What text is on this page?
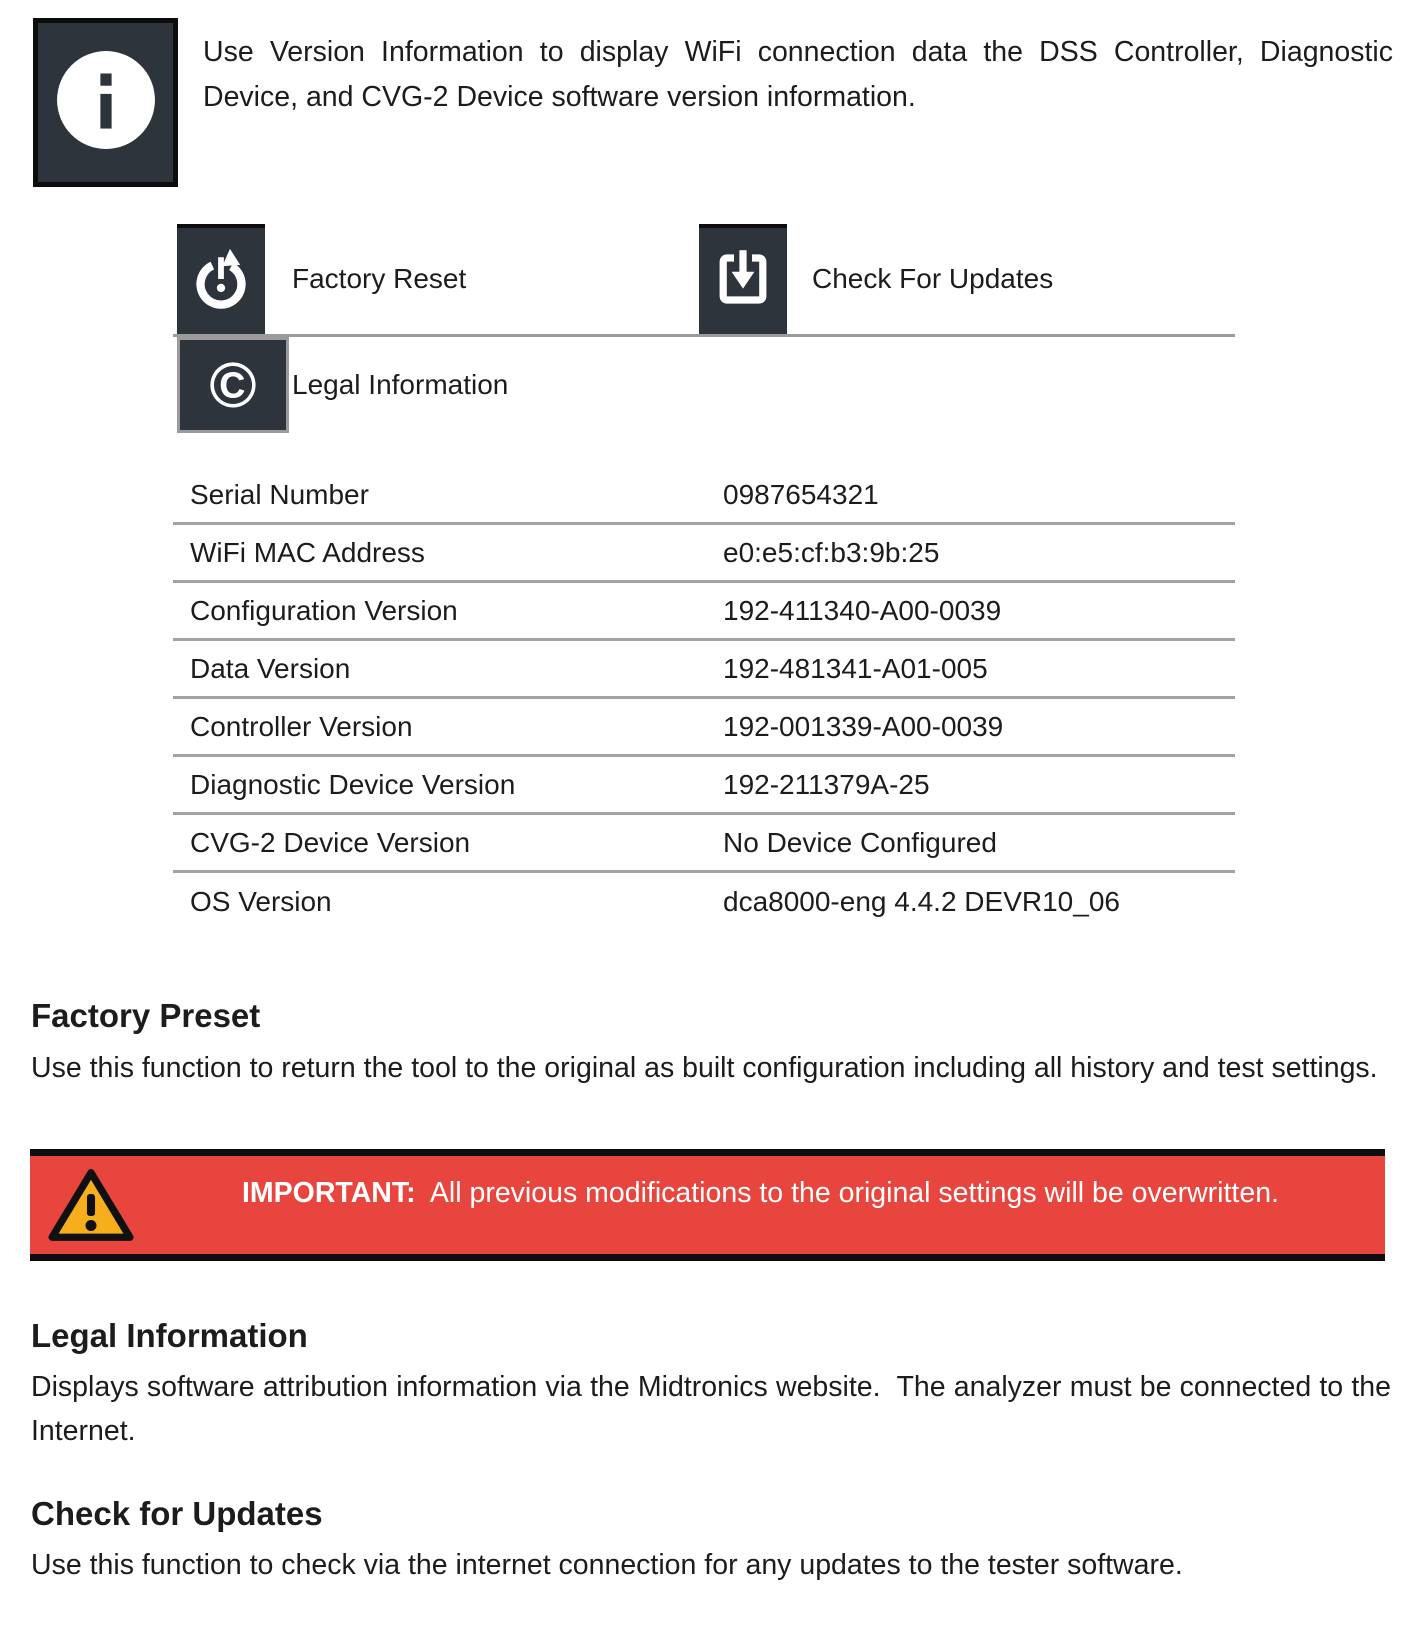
Use Version Information to display WiFi connection data the DSS Controller, Diagnostic Device, and CVG-2 Device software version information.
Factory Reset	Check For Updates
© Legal Information
Serial Number	0987654321
WiFi MAC Address	e0:e5:cf:b3:9b:25
Configuration Version	192-411340-A00-0039
Data Version	192-481341-A01-005
Controller Version	192-001339-A00-0039
Diagnostic Device Version	192-211379A-25
CVG-2 Device Version	No Device Configured
OS Version	dca8000-eng 4.4.2 DEVR10_06
Factory Preset
Use this function to return the tool to the original as built configuration including all history and test settings.
IMPORTANT:  All previous modifications to the original settings will be overwritten.
Legal Information
Displays software attribution information via the Midtronics website.  The analyzer must be connected to the Internet.
Check for Updates
Use this function to check via the internet connection for any updates to the tester software.
